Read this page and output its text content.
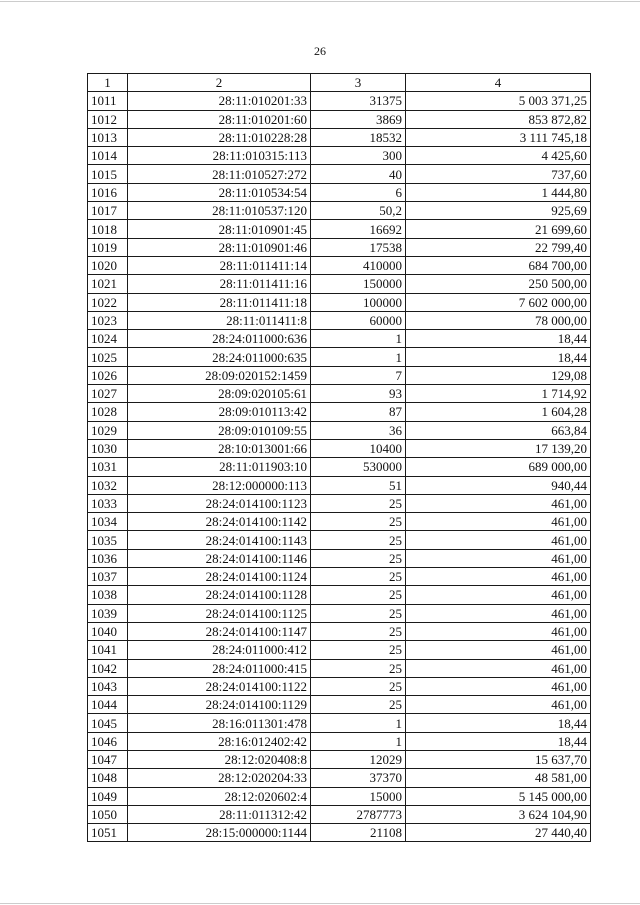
26
1	2	3	4
1011	28:11:010201:33	31375	5 003 371,25
1012	28:11:010201:60	3869	853 872,82
1013	28:11:010228:28	18532	3 111 745,18
1014	28:11:010315:113	300	4 425,60
1015	28:11:010527:272	40	737,60
1016	28:11:010534:54	6	1 444,80
1017	28:11:010537:120	50,2	925,69
1018	28:11:010901:45	16692	21 699,60
1019	28:11:010901:46	17538	22 799,40
1020	28:11:011411:14	410000	684 700,00
1021	28:11:011411:16	150000	250 500,00
1022	28:11:011411:18	100000	7 602 000,00
1023	28:11:011411:8	60000	78 000,00
1024	28:24:011000:636	1	18,44
1025	28:24:011000:635	1	18,44
1026	28:09:020152:1459	7	129,08
1027	28:09:020105:61	93	1 714,92
1028	28:09:010113:42	87	1 604,28
1029	28:09:010109:55	36	663,84
1030	28:10:013001:66	10400	17 139,20
1031	28:11:011903:10	530000	689 000,00
1032	28:12:000000:113	51	940,44
1033	28:24:014100:1123	25	461,00
1034	28:24:014100:1142	25	461,00
1035	28:24:014100:1143	25	461,00
1036	28:24:014100:1146	25	461,00
1037	28:24:014100:1124	25	461,00
1038	28:24:014100:1128	25	461,00
1039	28:24:014100:1125	25	461,00
1040	28:24:014100:1147	25	461,00
1041	28:24:011000:412	25	461,00
1042	28:24:011000:415	25	461,00
1043	28:24:014100:1122	25	461,00
1044	28:24:014100:1129	25	461,00
1045	28:16:011301:478	1	18,44
1046	28:16:012402:42	1	18,44
1047	28:12:020408:8	12029	15 637,70
1048	28:12:020204:33	37370	48 581,00
1049	28:12:020602:4	15000	5 145 000,00
1050	28:11:011312:42	2787773	3 624 104,90
1051	28:15:000000:1144	21108	27 440,40
